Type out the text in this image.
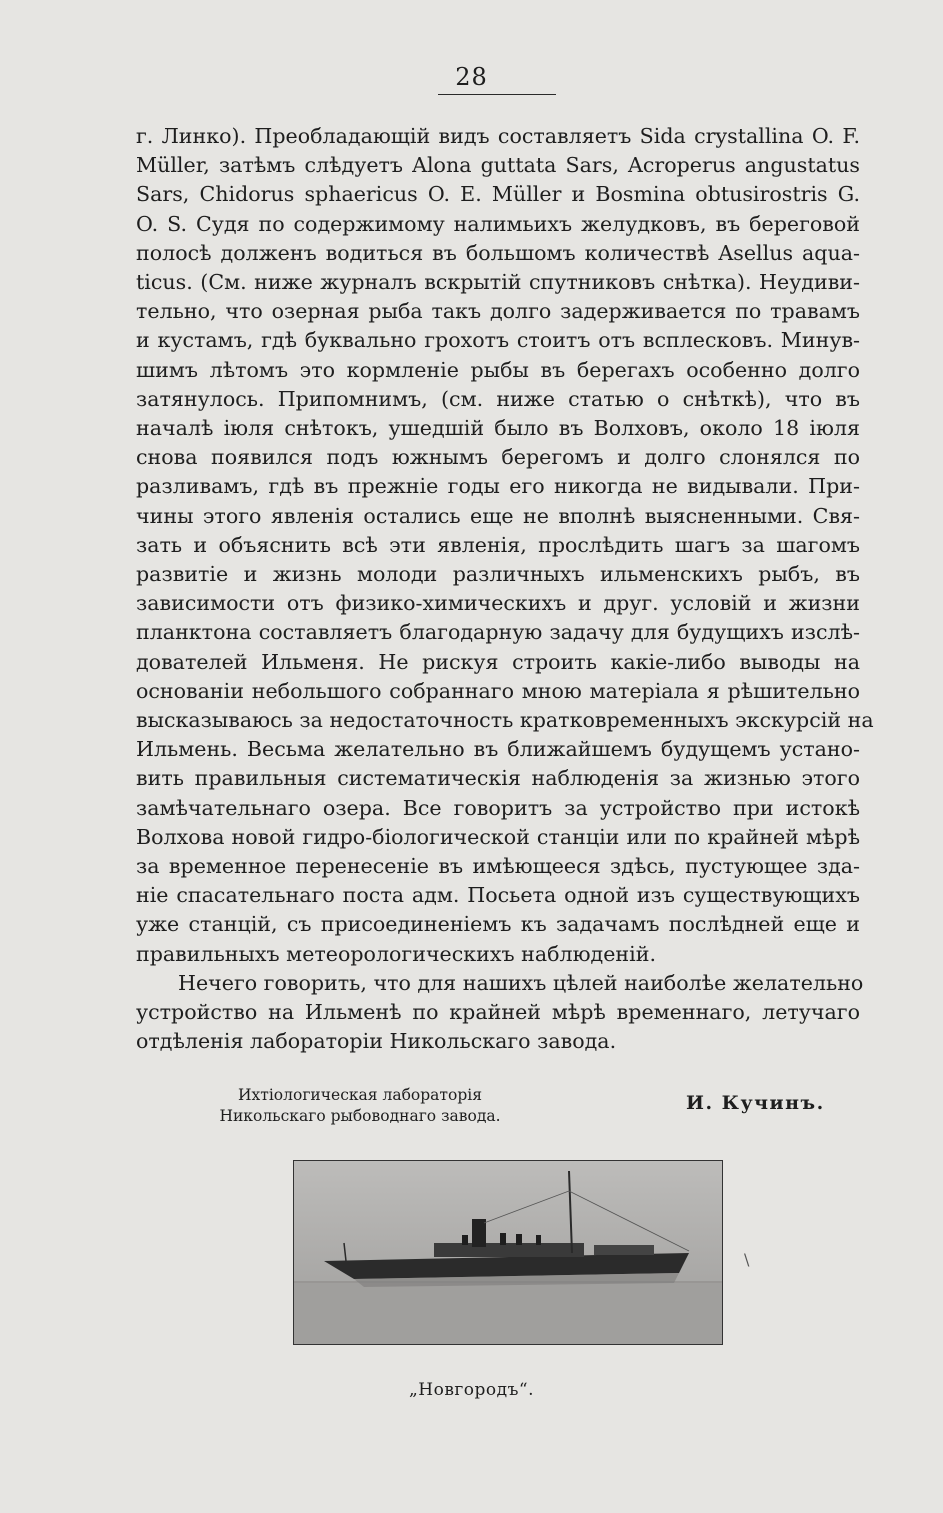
28
г. Линко). Преобладающій видъ составляетъ Sida crystallina O. F.
Müller, затѣмъ слѣдуетъ Alona guttata Sars, Acroperus angustatus
Sars, Chidorus sphaericus O. E. Müller и Bosmina obtusirostris G.
O. S. Судя по содержимому налимьихъ желудковъ, въ береговой
полосѣ долженъ водиться въ большомъ количествѣ Asellus aqua-
ticus. (См. ниже журналъ вскрытій спутниковъ снѣтка). Неудиви-
тельно, что озерная рыба такъ долго задерживается по травамъ
и кустамъ, гдѣ буквально грохотъ стоитъ отъ всплесковъ. Минув-
шимъ лѣтомъ это кормленіе рыбы въ берегахъ особенно долго
затянулось. Припомнимъ, (см. ниже статью о снѣткѣ), что въ
началѣ іюля снѣтокъ, ушедшій было въ Волховъ, около 18 іюля
снова появился подъ южнымъ берегомъ и долго слонялся по
разливамъ, гдѣ въ прежніе годы его никогда не видывали. При-
чины этого явленія остались еще не вполнѣ выясненными. Свя-
зать и объяснить всѣ эти явленія, прослѣдить шагъ за шагомъ
развитіе и жизнь молоди различныхъ ильменскихъ рыбъ, въ
зависимости отъ физико-химическихъ и друг. условій и жизни
планктона составляетъ благодарную задачу для будущихъ изслѣ-
дователей Ильменя. Не рискуя строить какіе-либо выводы на
основаніи небольшого собраннаго мною матеріала я рѣшительно
высказываюсь за недостаточность кратковременныхъ экскурсій на
Ильмень. Весьма желательно въ ближайшемъ будущемъ устано-
вить правильныя систематическія наблюденія за жизнью этого
замѣчательнаго озера. Все говоритъ за устройство при истокѣ
Волхова новой гидро-біологической станціи или по крайней мѣрѣ
за временное перенесеніе въ имѣющееся здѣсь, пустующее зда-
ніе спасательнаго поста адм. Посьета одной изъ существующихъ
уже станцій, съ присоединеніемъ къ задачамъ послѣдней еще и
правильныхъ метеорологическихъ наблюденій.
Нечего говорить, что для нашихъ цѣлей наиболѣе желательно
устройство на Ильменѣ по крайней мѣрѣ временнаго, летучаго
отдѣленія лабораторіи Никольскаго завода.
Ихтіологическая лабораторія
Никольскаго рыбоводнаго завода.
И. Кучинъ.
\
„Новгородъ“.
